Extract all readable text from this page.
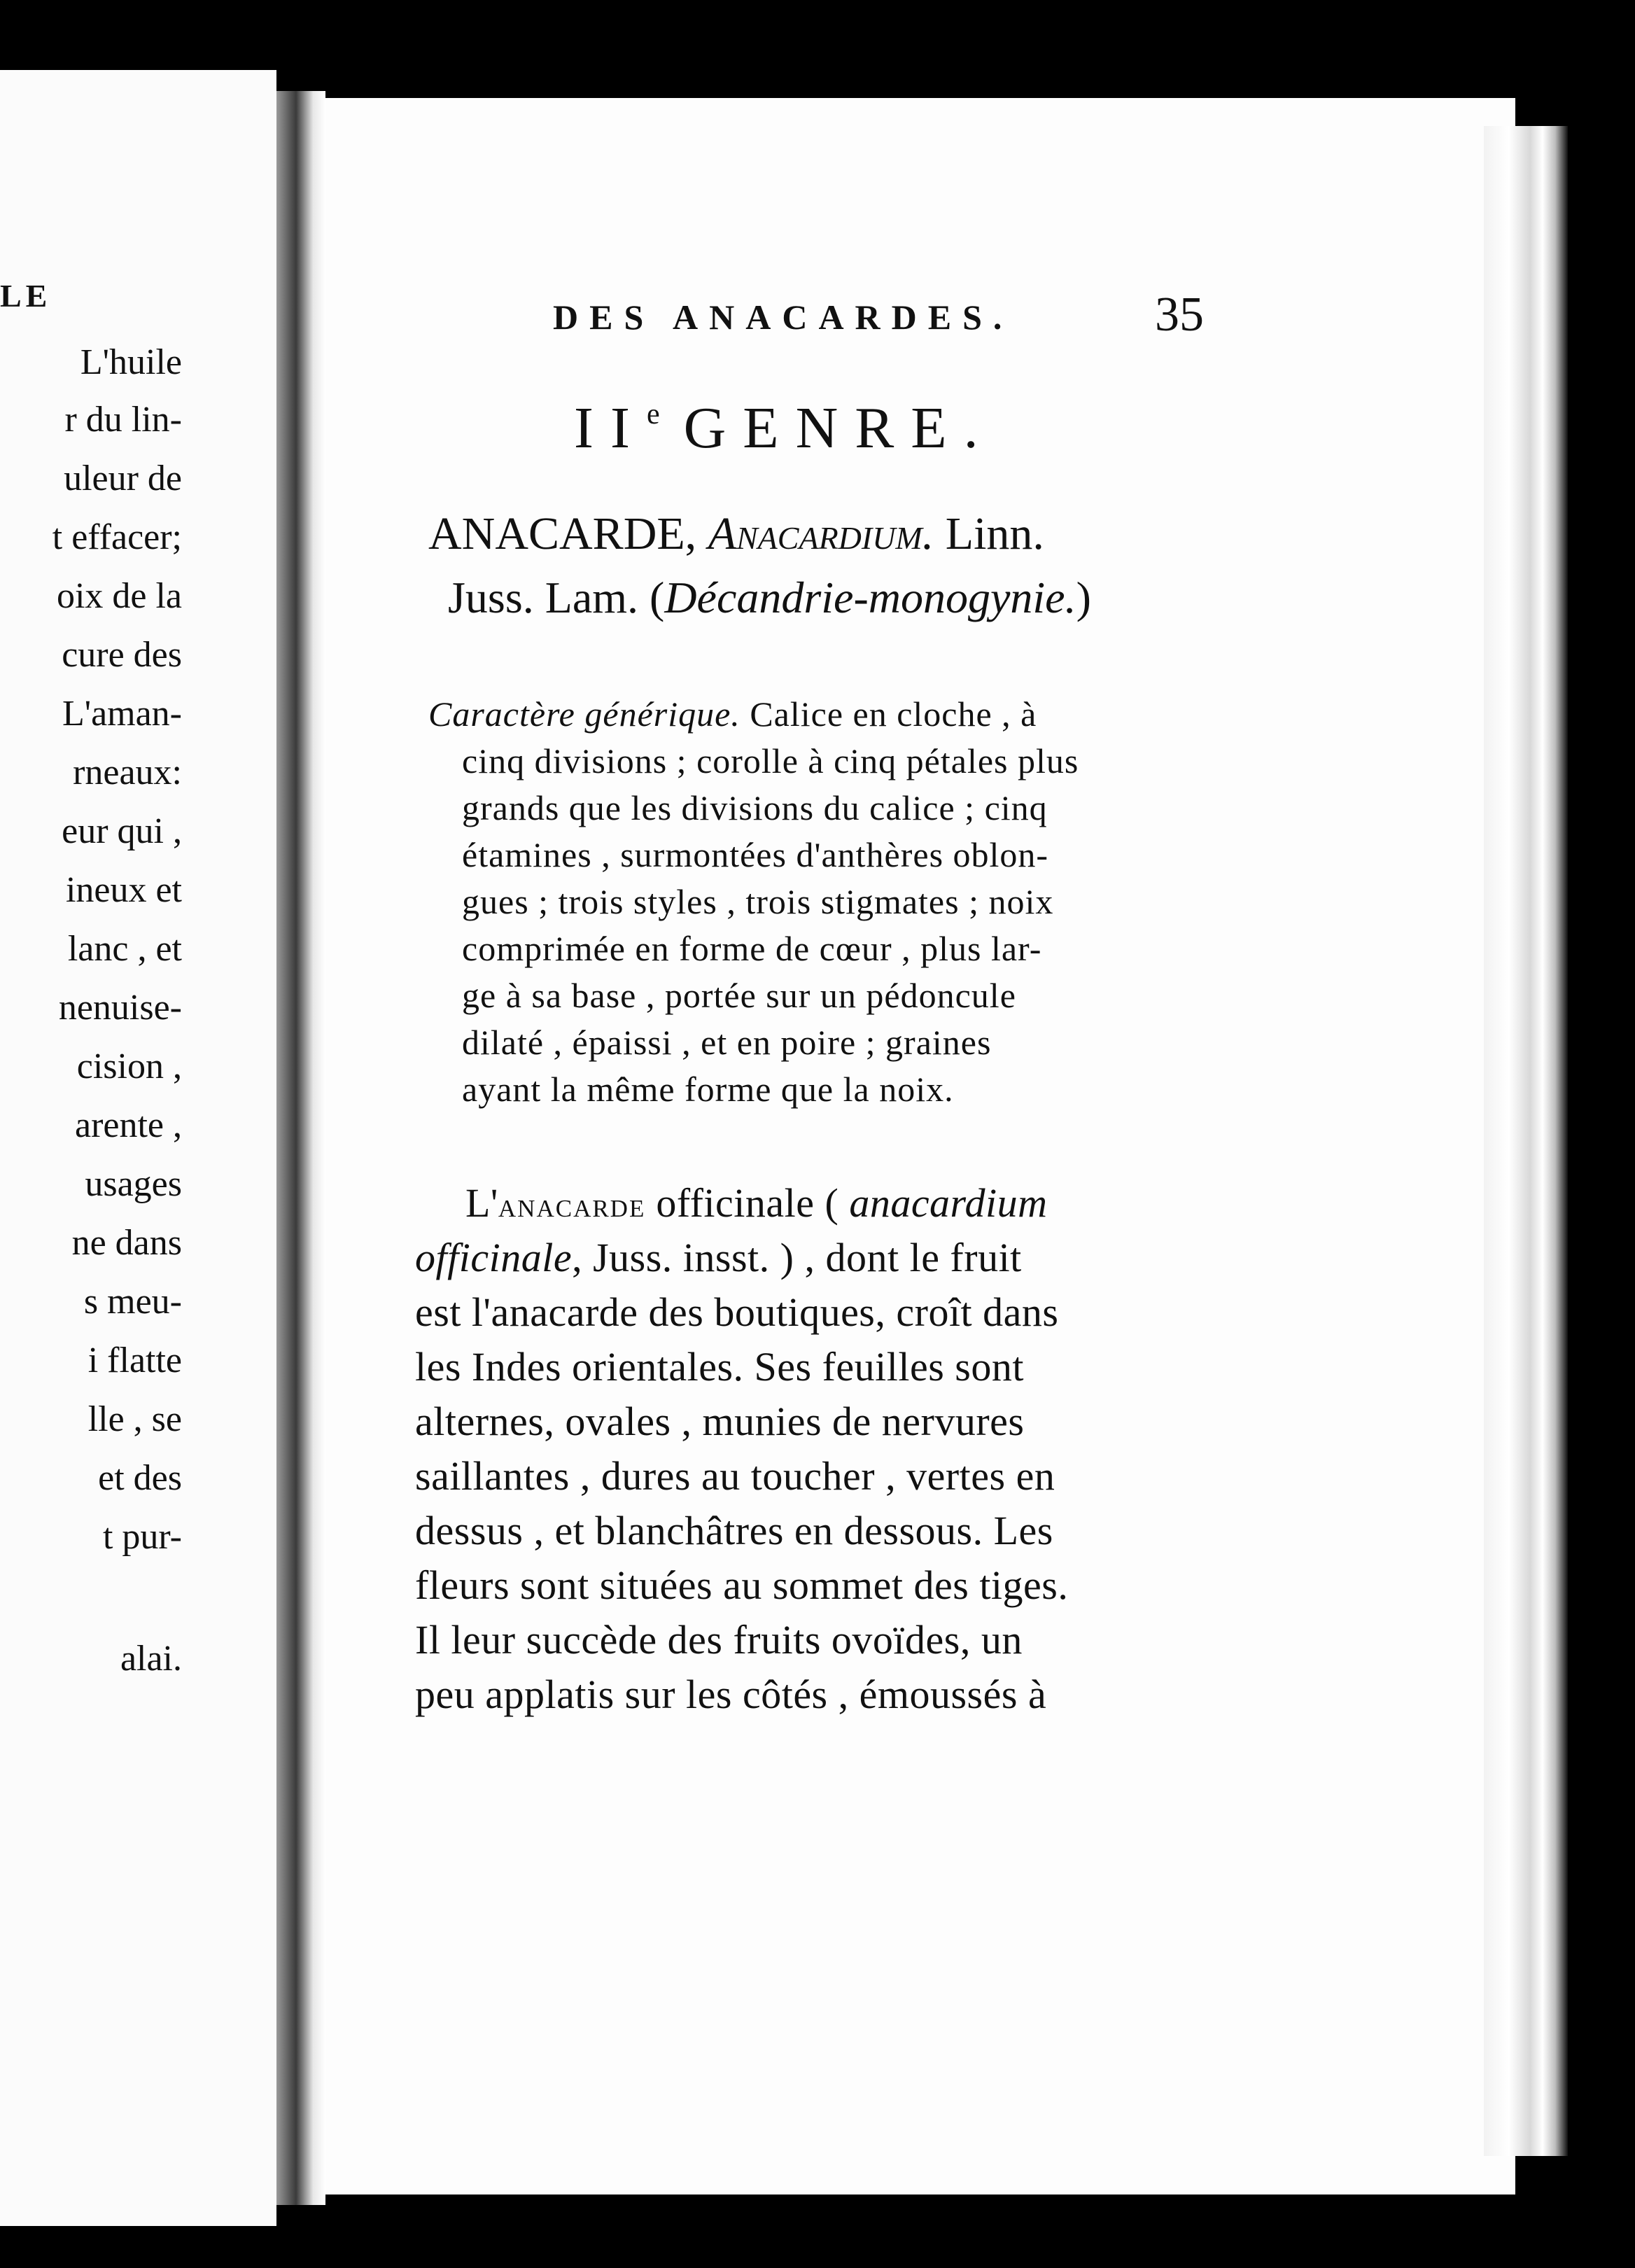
LE
L'huile
r du lin-
uleur de
t effacer;
oix de la
cure des
L'aman-
rneaux:
eur qui ,
ineux et
lanc , et
nenuise-
cision ,
arente ,
usages
ne dans
s meu-
i flatte
lle , se
et des
t pur-
alai.
DES ANACARDES.	35
IIe GENRE.
ANACARDE, Anacardium. Linn.
Juss. Lam. (Décandrie-monogynie.)
Caractère générique. Calice en cloche , à
cinq divisions ; corolle à cinq pétales plus
grands que les divisions du calice ; cinq
étamines , surmontées d'anthères oblon-
gues ; trois styles , trois stigmates ; noix
comprimée en forme de cœur , plus lar-
ge à sa base , portée sur un pédoncule
dilaté , épaissi , et en poire ; graines
ayant la même forme que la noix.
L'anacarde officinale ( anacardium
officinale, Juss. insst. ) , dont le fruit
est l'anacarde des boutiques, croît dans
les Indes orientales. Ses feuilles sont
alternes, ovales , munies de nervures
saillantes , dures au toucher , vertes en
dessus , et blanchâtres en dessous. Les
fleurs sont situées au sommet des tiges.
Il leur succède des fruits ovoïdes, un
peu applatis sur les côtés , émoussés à
